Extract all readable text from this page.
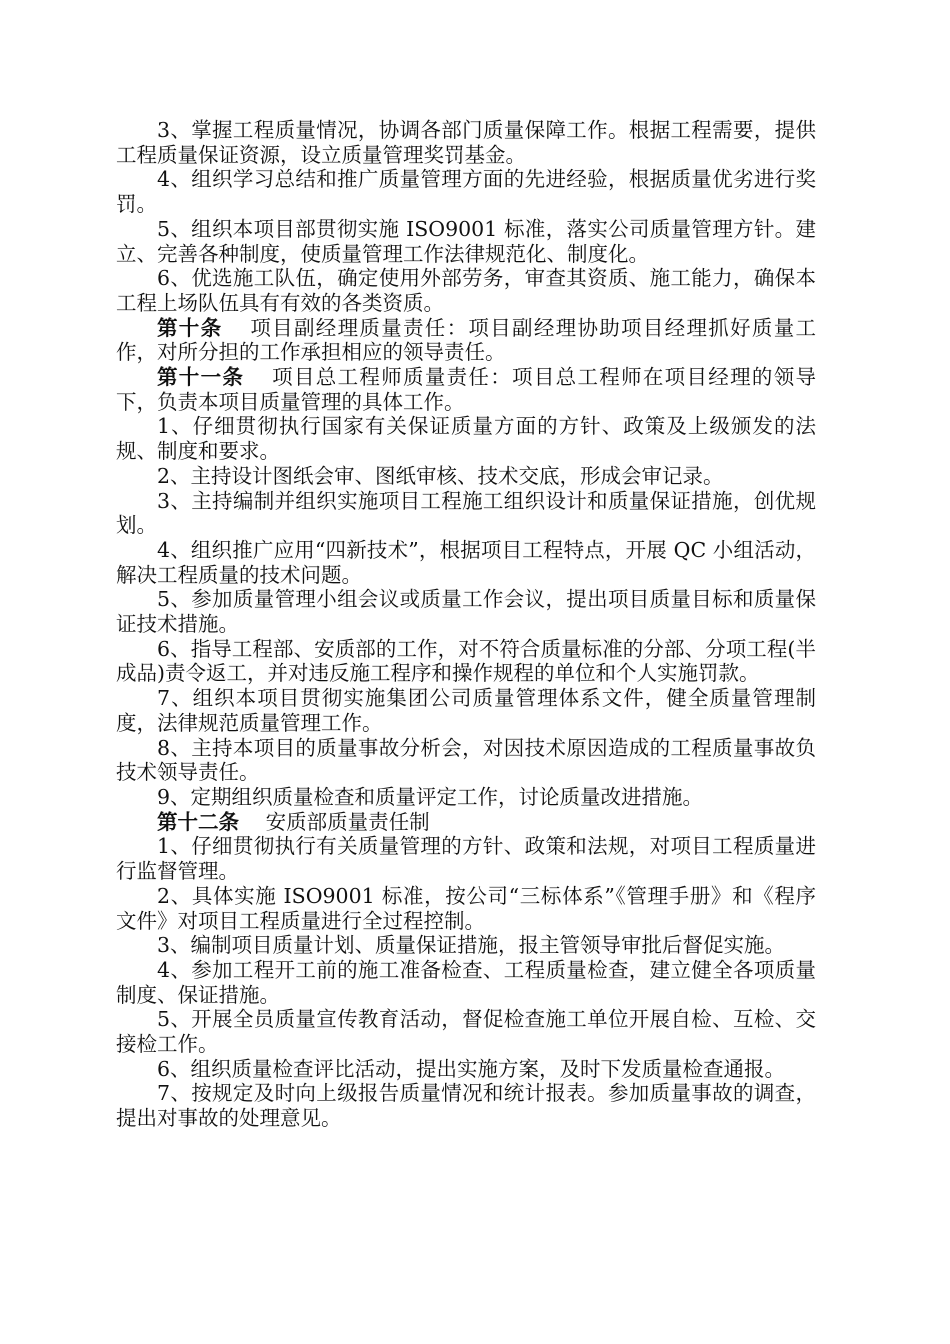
3、掌握工程质量情况，协调各部门质量保障工作。根据工程需要，提供工程质量保证资源，设立质量管理奖罚基金。

4、组织学习总结和推广质量管理方面的先进经验，根据质量优劣进行奖罚。

5、组织本项目部贯彻实施 ISO9001 标准，落实公司质量管理方针。建立、完善各种制度，使质量管理工作法律规范化、制度化。

6、优选施工队伍，确定使用外部劳务，审查其资质、施工能力，确保本工程上场队伍具有有效的各类资质。

第十条 项目副经理质量责任：项目副经理协助项目经理抓好质量工作，对所分担的工作承担相应的领导责任。

第十一条 项目总工程师质量责任：项目总工程师在项目经理的领导下，负责本项目质量管理的具体工作。

1、仔细贯彻执行国家有关保证质量方面的方针、政策及上级颁发的法规、制度和要求。

2、主持设计图纸会审、图纸审核、技术交底，形成会审记录。

3、主持编制并组织实施项目工程施工组织设计和质量保证措施，创优规划。

4、组织推广应用“四新技术”，根据项目工程特点，开展 QC 小组活动，解决工程质量的技术问题。

5、参加质量管理小组会议或质量工作会议，提出项目质量目标和质量保证技术措施。

6、指导工程部、安质部的工作，对不符合质量标准的分部、分项工程(半成品)责令返工，并对违反施工程序和操作规程的单位和个人实施罚款。

7、组织本项目贯彻实施集团公司质量管理体系文件，健全质量管理制度，法律规范质量管理工作。

8、主持本项目的质量事故分析会，对因技术原因造成的工程质量事故负技术领导责任。

9、定期组织质量检查和质量评定工作，讨论质量改进措施。

第十二条 安质部质量责任制

1、仔细贯彻执行有关质量管理的方针、政策和法规，对项目工程质量进行监督管理。

2、具体实施 ISO9001 标准，按公司“三标体系”《管理手册》和《程序文件》对项目工程质量进行全过程控制。

3、编制项目质量计划、质量保证措施，报主管领导审批后督促实施。

4、参加工程开工前的施工准备检查、工程质量检查，建立健全各项质量制度、保证措施。

5、开展全员质量宣传教育活动，督促检查施工单位开展自检、互检、交接检工作。

6、组织质量检查评比活动，提出实施方案，及时下发质量检查通报。

7、按规定及时向上级报告质量情况和统计报表。参加质量事故的调查，提出对事故的处理意见。
